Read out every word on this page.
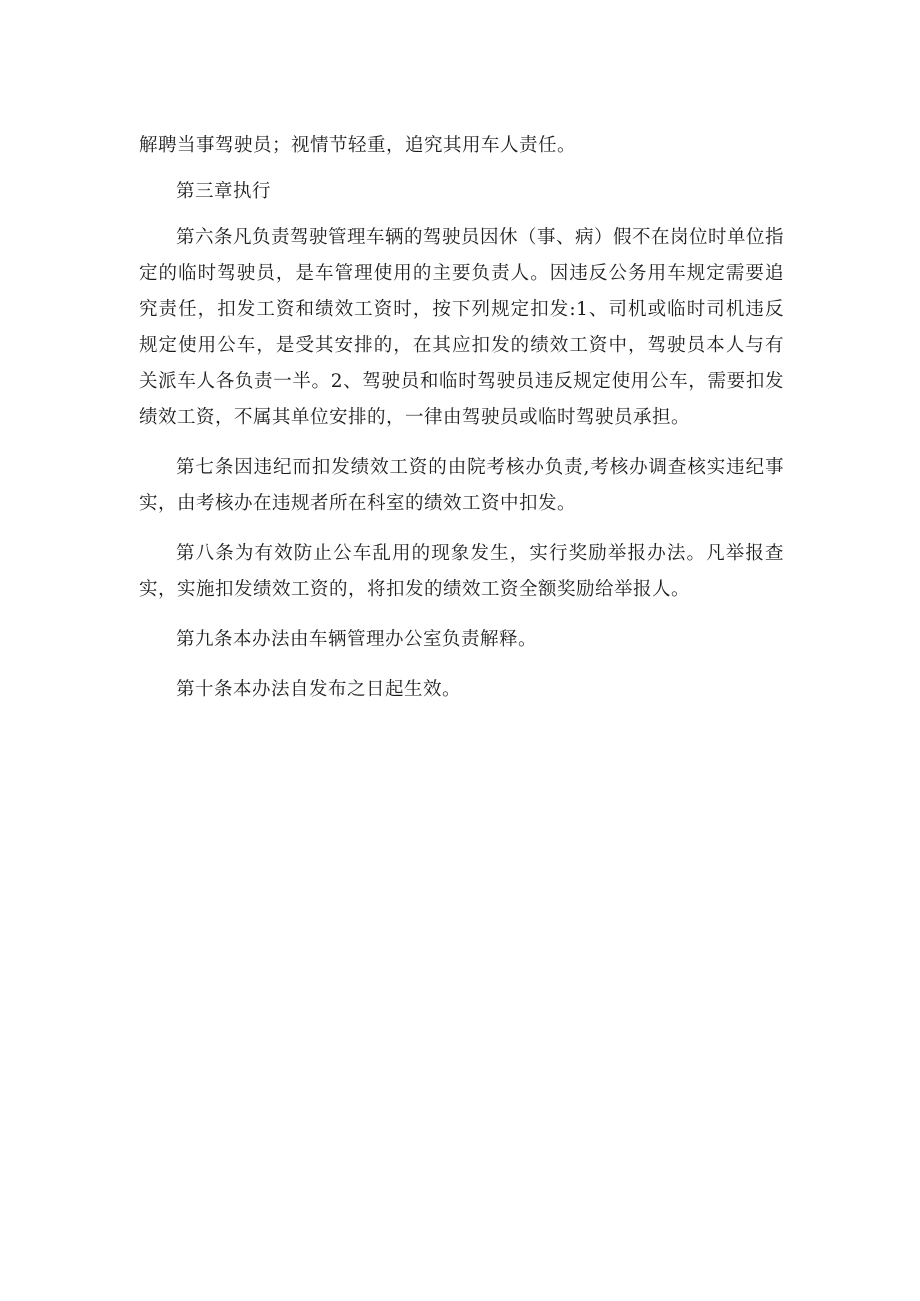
解聘当事驾驶员；视情节轻重，追究其用车人责任。

第三章执行

第六条凡负责驾驶管理车辆的驾驶员因休（事、病）假不在岗位时单位指定的临时驾驶员，是车管理使用的主要负责人。因违反公务用车规定需要追究责任，扣发工资和绩效工资时，按下列规定扣发:1、司机或临时司机违反规定使用公车，是受其安排的，在其应扣发的绩效工资中，驾驶员本人与有关派车人各负责一半。2、驾驶员和临时驾驶员违反规定使用公车，需要扣发绩效工资，不属其单位安排的，一律由驾驶员或临时驾驶员承担。

第七条因违纪而扣发绩效工资的由院考核办负责,考核办调查核实违纪事实，由考核办在违规者所在科室的绩效工资中扣发。

第八条为有效防止公车乱用的现象发生，实行奖励举报办法。凡举报查实，实施扣发绩效工资的，将扣发的绩效工资全额奖励给举报人。

第九条本办法由车辆管理办公室负责解释。

第十条本办法自发布之日起生效。
